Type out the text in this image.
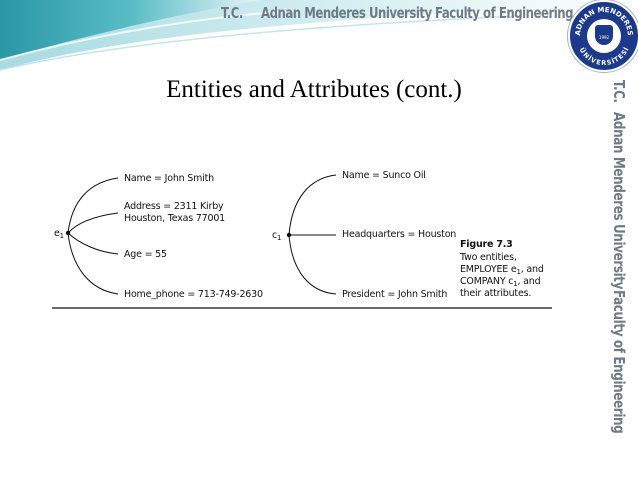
T.C. Adnan Menderes University Faculty of Engineering
ADNAN MENDERES
ÜNİVERSİTESİ
1992
T.C.
Adnan Menderes University
Faculty of Engineering
Entities and Attributes (cont.)
$e_1$
Name = John Smith
Address = 2311 Kirby
Houston, Texas 77001
Age = 55
Home_phone = 713-749-2630
$c_1$
Name = Sunco Oil
Headquarters = Houston
President = John Smith
Figure 7.3
Two entities,
EMPLOYEE $e_1$, and
COMPANY $c_1$, and
their attributes.
